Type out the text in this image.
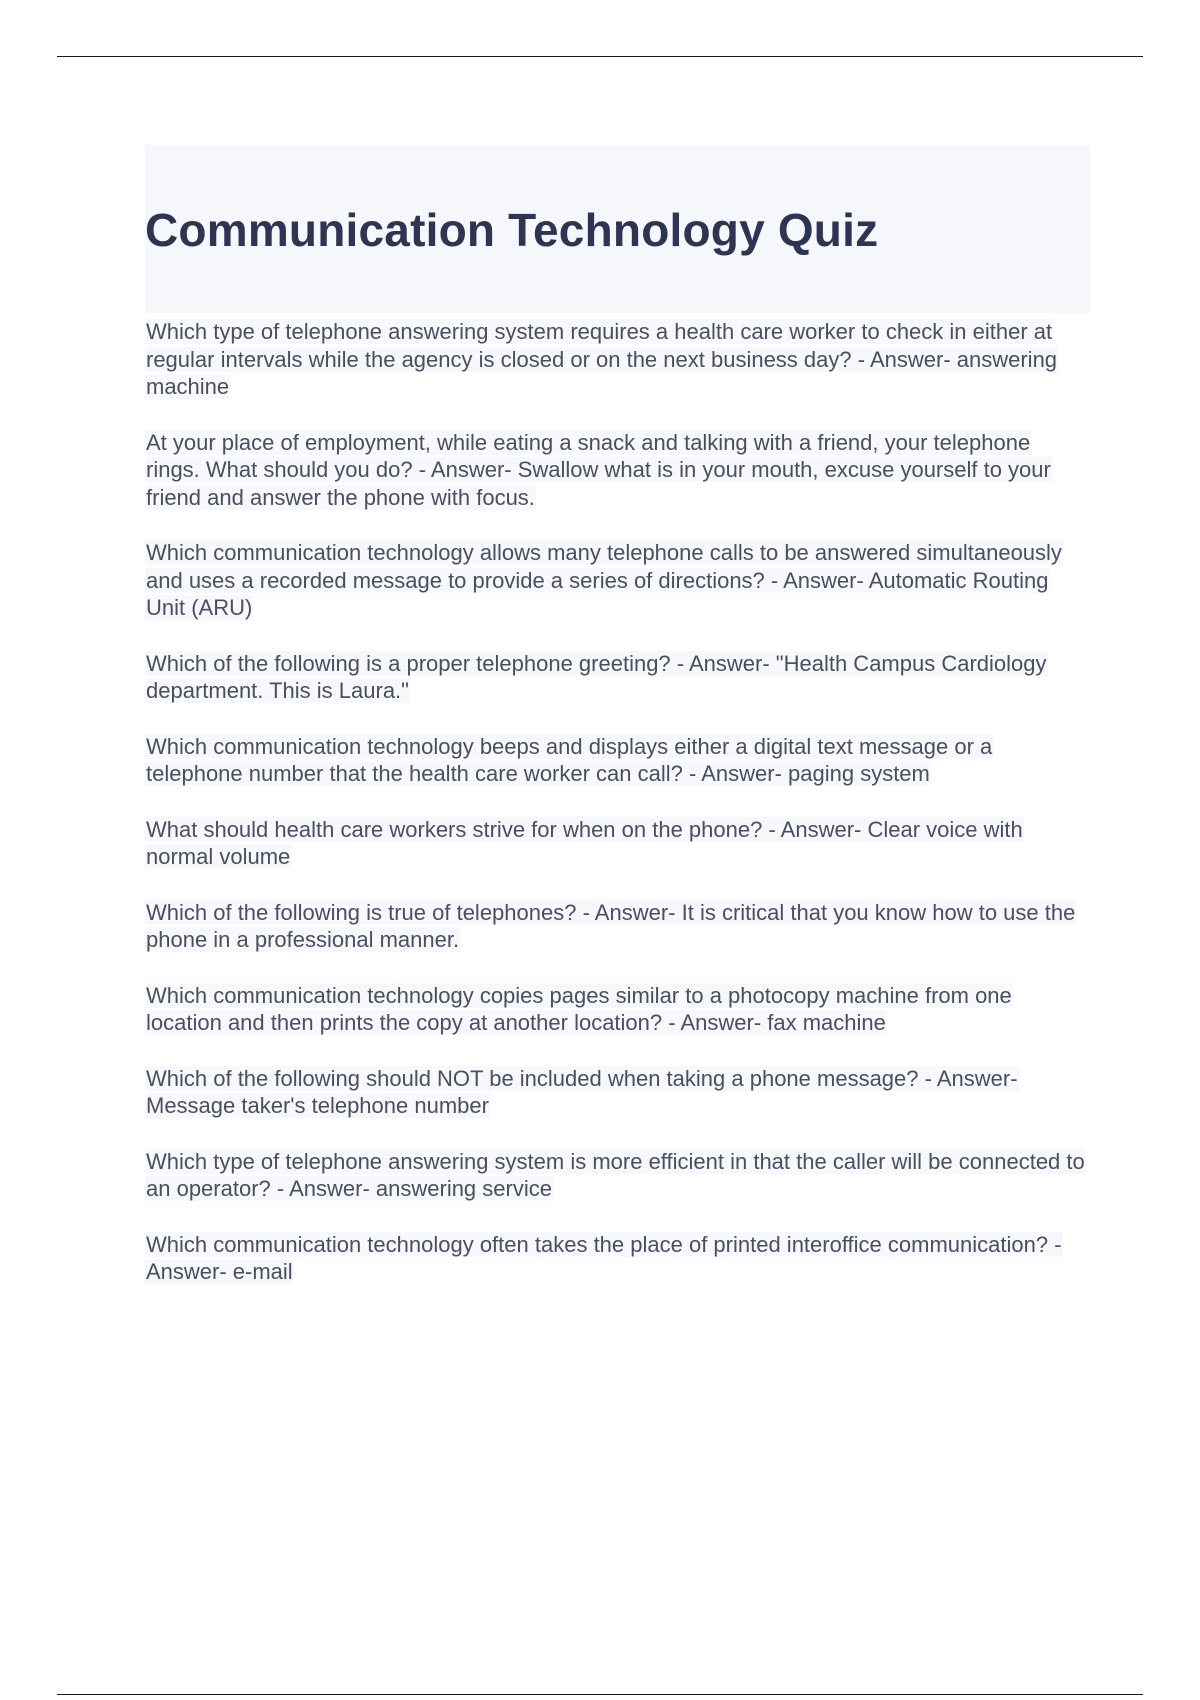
Communication Technology Quiz
Which type of telephone answering system requires a health care worker to check in either at regular intervals while the agency is closed or on the next business day? - Answer- answering machine
At your place of employment, while eating a snack and talking with a friend, your telephone rings. What should you do? - Answer- Swallow what is in your mouth, excuse yourself to your friend and answer the phone with focus.
Which communication technology allows many telephone calls to be answered simultaneously and uses a recorded message to provide a series of directions? - Answer- Automatic Routing Unit (ARU)
Which of the following is a proper telephone greeting? - Answer- "Health Campus Cardiology department. This is Laura."
Which communication technology beeps and displays either a digital text message or a telephone number that the health care worker can call? - Answer- paging system
What should health care workers strive for when on the phone? - Answer- Clear voice with normal volume
Which of the following is true of telephones? - Answer- It is critical that you know how to use the phone in a professional manner.
Which communication technology copies pages similar to a photocopy machine from one location and then prints the copy at another location? - Answer- fax machine
Which of the following should NOT be included when taking a phone message? - Answer- Message taker's telephone number
Which type of telephone answering system is more efficient in that the caller will be connected to an operator? - Answer- answering service
Which communication technology often takes the place of printed interoffice communication? - Answer- e-mail
